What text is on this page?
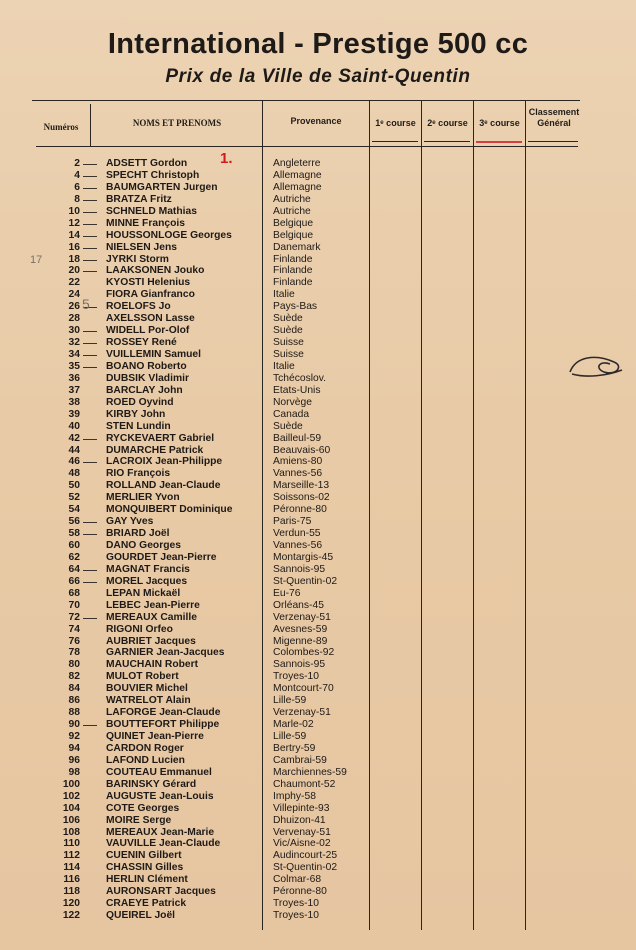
International - Prestige 500 cc
Prix de la Ville de Saint-Quentin
Numéros	NOMS ET PRENOMS	Provenance	1ᵉ course	2ᵉ course	3ᵉ course
Classement
Général
2	ADSETT Gordon	Angleterre
4	SPECHT Christoph	Allemagne
6	BAUMGARTEN Jurgen	Allemagne
8	BRATZA Fritz	Autriche
10	SCHNELD Mathias	Autriche
12	MINNE François	Belgique
14	HOUSSONLOGE Georges	Belgique
16	NIELSEN Jens	Danemark
18	JYRKI Storm	Finlande
20	LAAKSONEN Jouko	Finlande
22	KYOSTI Helenius	Finlande
24	FIORA Gianfranco	Italie
26	ROELOFS Jo	Pays-Bas
28	AXELSSON Lasse	Suède
30	WIDELL Por-Olof	Suède
32	ROSSEY René	Suisse
34	VUILLEMIN Samuel	Suisse
35	BOANO Roberto	Italie
36	DUBSIK Vladimir	Tchécoslov.
37	BARCLAY John	Etats-Unis
38	ROED Oyvind	Norvège
39	KIRBY John	Canada
40	STEN Lundin	Suède
42	RYCKEVAERT Gabriel	Bailleul-59
44	DUMARCHE Patrick	Beauvais-60
46	LACROIX Jean-Philippe	Amiens-80
48	RIO François	Vannes-56
50	ROLLAND Jean-Claude	Marseille-13
52	MERLIER Yvon	Soissons-02
54	MONQUIBERT Dominique	Péronne-80
56	GAY Yves	Paris-75
58	BRIARD Joël	Verdun-55
60	DANO Georges	Vannes-56
62	GOURDET Jean-Pierre	Montargis-45
64	MAGNAT Francis	Sannois-95
66	MOREL Jacques	St-Quentin-02
68	LEPAN Mickaël	Eu-76
70	LEBEC Jean-Pierre	Orléans-45
72	MEREAUX Camille	Verzenay-51
74	RIGONI Orfeo	Avesnes-59
76	AUBRIET Jacques	Migenne-89
78	GARNIER Jean-Jacques	Colombes-92
80	MAUCHAIN Robert	Sannois-95
82	MULOT Robert	Troyes-10
84	BOUVIER Michel	Montcourt-70
86	WATRELOT Alain	Lille-59
88	LAFORGE Jean-Claude	Verzenay-51
90	BOUTTEFORT Philippe	Marle-02
92	QUINET Jean-Pierre	Lille-59
94	CARDON Roger	Bertry-59
96	LAFOND Lucien	Cambrai-59
98	COUTEAU Emmanuel	Marchiennes-59
100	BARINSKY Gérard	Chaumont-52
102	AUGUSTE Jean-Louis	Imphy-58
104	COTE Georges	Villepinte-93
106	MOIRE Serge	Dhuizon-41
108	MEREAUX Jean-Marie	Vervenay-51
110	VAUVILLE Jean-Claude	Vic/Aisne-02
112	CUENIN Gilbert	Audincourt-25
114	CHASSIN Gilles	St-Quentin-02
116	HERLIN Clément	Colmar-68
118	AURONSART Jacques	Péronne-80
120	CRAEYE Patrick	Troyes-10
122	QUEIREL Joël	Troyes-10
1.
17
5
